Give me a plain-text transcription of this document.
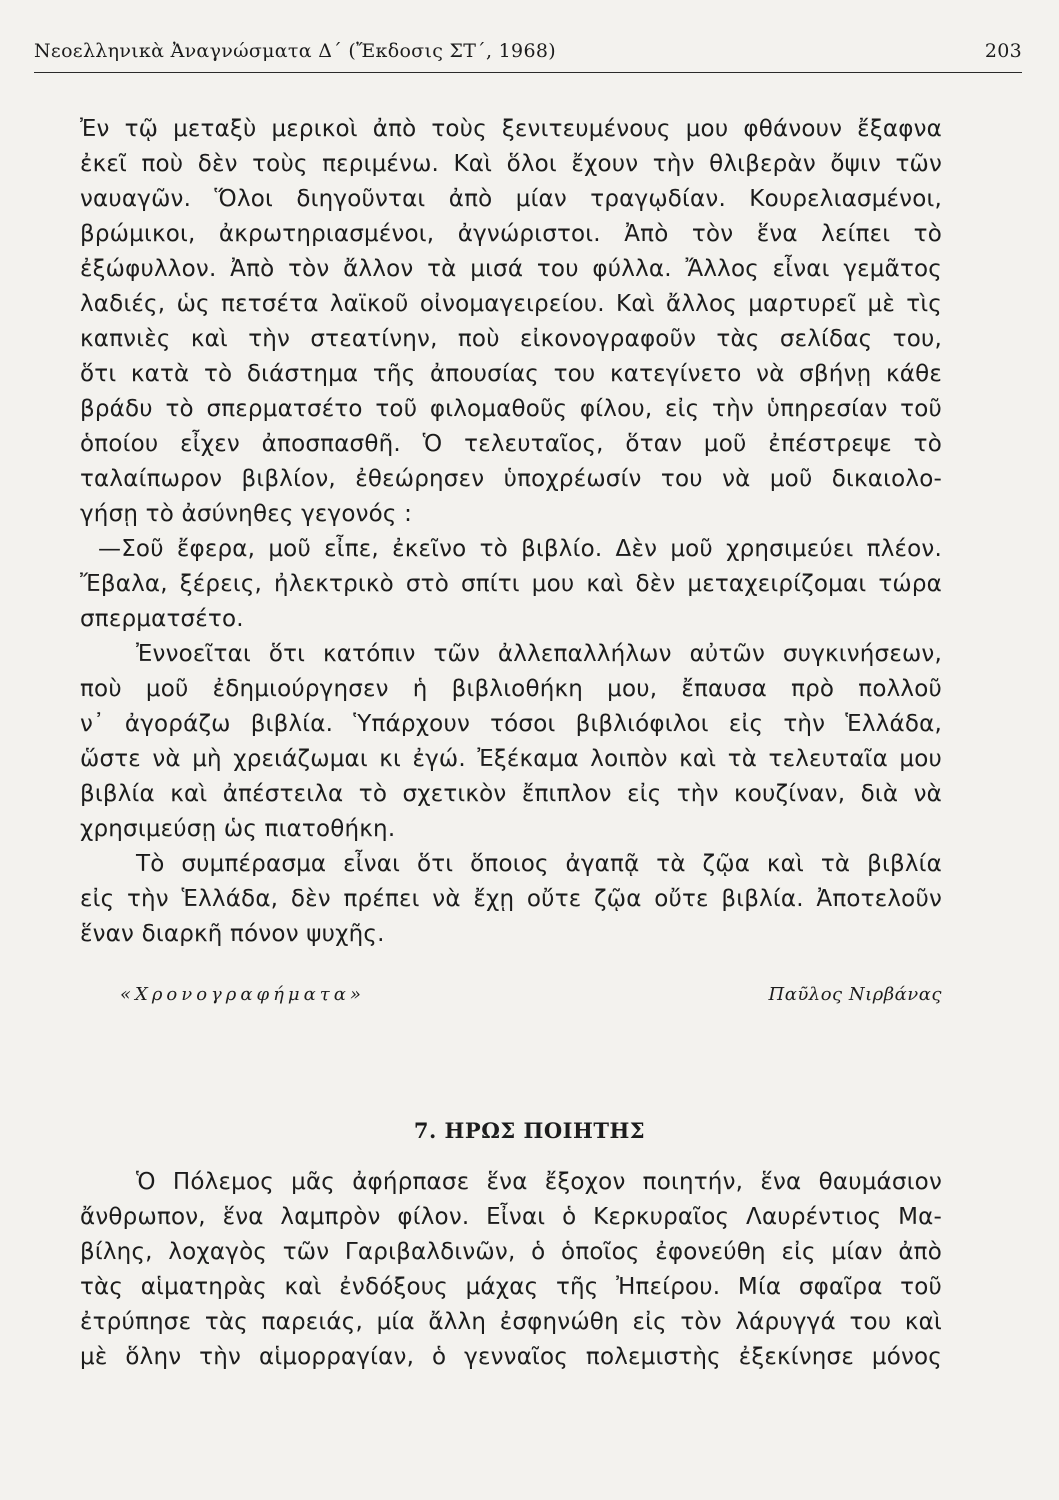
Νεοελληνικὰ Ἀναγνώσματα Δ΄ (Ἔκδοσις ΣΤ΄, 1968)	203
Ἐν τῷ μεταξὺ μερικοὶ ἀπὸ τοὺς ξενιτευμένους μου φθάνουν ἔξαφνα
ἐκεῖ ποὺ δὲν τοὺς περιμένω. Καὶ ὅλοι ἔχουν τὴν θλιβερὰν ὄψιν τῶν
ναυαγῶν. Ὅλοι διηγοῦνται ἀπὸ μίαν τραγῳδίαν. Κουρελιασμένοι,
βρώμικοι, ἀκρωτηριασμένοι, ἀγνώριστοι. Ἀπὸ τὸν ἕνα λείπει τὸ
ἐξώφυλλον. Ἀπὸ τὸν ἄλλον τὰ μισά του φύλλα. Ἄλλος εἶναι γεμᾶτος
λαδιές, ὡς πετσέτα λαϊκοῦ οἰνομαγειρείου. Καὶ ἄλλος μαρτυρεῖ μὲ τὶς
καπνιὲς καὶ τὴν στεατίνην, ποὺ εἰκονογραφοῦν τὰς σελίδας του,
ὅτι κατὰ τὸ διάστημα τῆς ἀπουσίας του κατεγίνετο νὰ σβήνῃ κάθε
βράδυ τὸ σπερματσέτο τοῦ φιλομαθοῦς φίλου, εἰς τὴν ὑπηρεσίαν τοῦ
ὁποίου εἶχεν ἀποσπασθῆ. Ὁ τελευταῖος, ὅταν μοῦ ἐπέστρεψε τὸ
ταλαίπωρον βιβλίον, ἐθεώρησεν ὑποχρέωσίν του νὰ μοῦ δικαιολο-
γήσῃ τὸ ἀσύνηθες γεγονός :
—Σοῦ ἔφερα, μοῦ εἶπε, ἐκεῖνο τὸ βιβλίο. Δὲν μοῦ χρησιμεύει πλέον.
Ἔβαλα, ξέρεις, ἠλεκτρικὸ στὸ σπίτι μου καὶ δὲν μεταχειρίζομαι τώρα
σπερματσέτο.
Ἐννοεῖται ὅτι κατόπιν τῶν ἀλλεπαλλήλων αὐτῶν συγκινήσεων,
ποὺ μοῦ ἐδημιούργησεν ἡ βιβλιοθήκη μου, ἔπαυσα πρὸ πολλοῦ
ν᾽ ἀγοράζω βιβλία. Ὑπάρχουν τόσοι βιβλιόφιλοι εἰς τὴν Ἑλλάδα,
ὥστε νὰ μὴ χρειάζωμαι κι ἐγώ. Ἐξέκαμα λοιπὸν καὶ τὰ τελευταῖα μου
βιβλία καὶ ἀπέστειλα τὸ σχετικὸν ἔπιπλον εἰς τὴν κουζίναν, διὰ νὰ
χρησιμεύσῃ ὡς πιατοθήκη.
Τὸ συμπέρασμα εἶναι ὅτι ὅποιος ἀγαπᾷ τὰ ζῷα καὶ τὰ βιβλία
εἰς τὴν Ἑλλάδα, δὲν πρέπει νὰ ἔχῃ οὔτε ζῷα οὔτε βιβλία. Ἀποτελοῦν
ἕναν διαρκῆ πόνον ψυχῆς.
«Χρονογραφήματα»	Παῦλος Νιρβάνας
7. ΗΡΩΣ ΠΟΙΗΤΗΣ
Ὁ Πόλεμος μᾶς ἀφήρπασε ἕνα ἔξοχον ποιητήν, ἕνα θαυμάσιον
ἄνθρωπον, ἕνα λαμπρὸν φίλον. Εἶναι ὁ Κερκυραῖος Λαυρέντιος Μα-
βίλης, λοχαγὸς τῶν Γαριβαλδινῶν, ὁ ὁποῖος ἐφονεύθη εἰς μίαν ἀπὸ
τὰς αἱματηρὰς καὶ ἐνδόξους μάχας τῆς Ἠπείρου. Μία σφαῖρα τοῦ
ἐτρύπησε τὰς παρειάς, μία ἄλλη ἐσφηνώθη εἰς τὸν λάρυγγά του καὶ
μὲ ὅλην τὴν αἱμορραγίαν, ὁ γενναῖος πολεμιστὴς ἐξεκίνησε μόνος
